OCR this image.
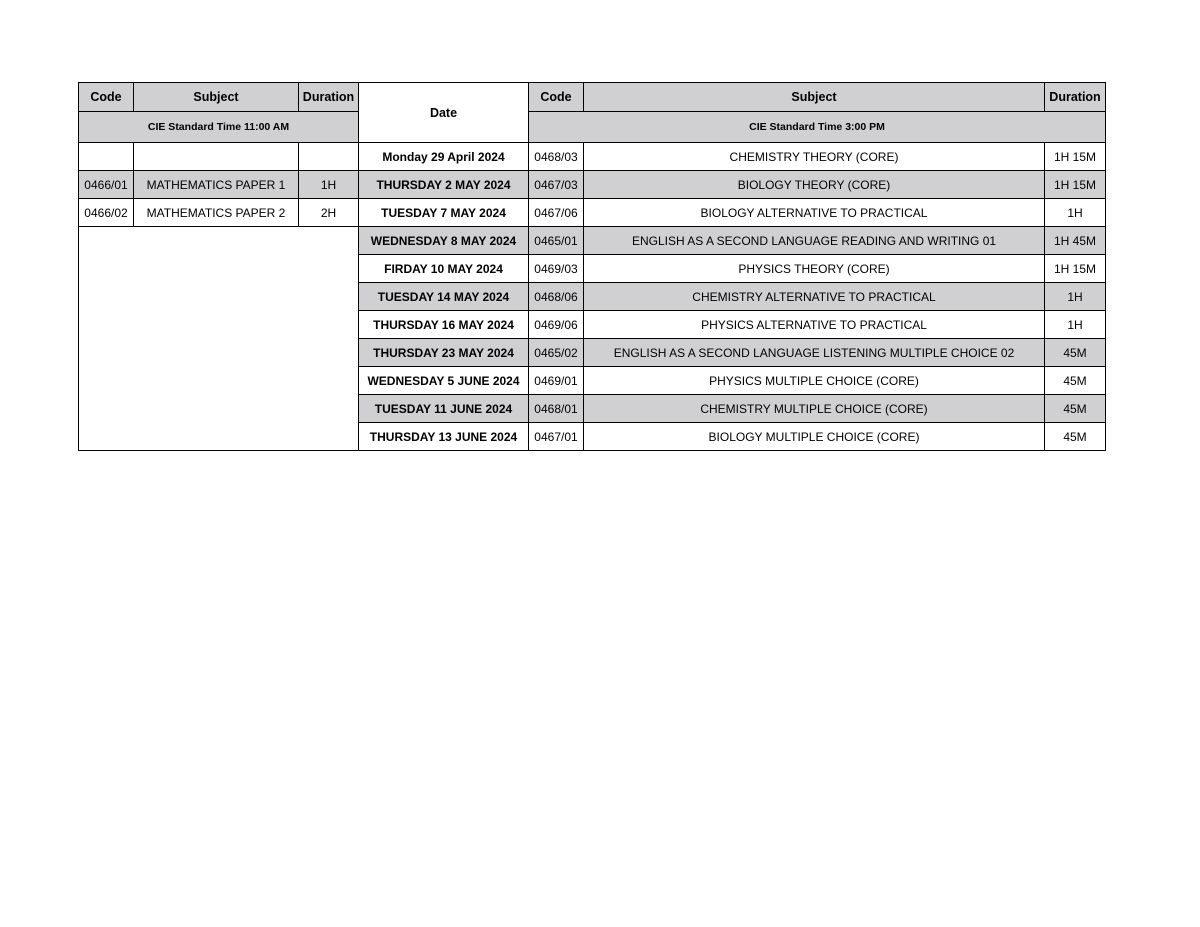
Code	Subject	Duration	Date	Code	Subject	Duration
CIE Standard Time 11:00 AM				CIE Standard Time 3:00 PM		
			Monday 29 April 2024	0468/03	CHEMISTRY THEORY (CORE)	1H 15M
0466/01	MATHEMATICS PAPER 1	1H	THURSDAY 2 MAY 2024	0467/03	BIOLOGY THEORY (CORE)	1H 15M
0466/02	MATHEMATICS PAPER 2	2H	TUESDAY 7 MAY 2024	0467/06	BIOLOGY ALTERNATIVE TO PRACTICAL	1H
			WEDNESDAY 8 MAY 2024	0465/01	ENGLISH AS A SECOND LANGUAGE READING AND WRITING 01	1H 45M
			FIRDAY 10 MAY 2024	0469/03	PHYSICS THEORY (CORE)	1H 15M
			TUESDAY 14 MAY 2024	0468/06	CHEMISTRY ALTERNATIVE TO PRACTICAL	1H
			THURSDAY 16 MAY 2024	0469/06	PHYSICS ALTERNATIVE TO PRACTICAL	1H
			THURSDAY 23 MAY 2024	0465/02	ENGLISH AS A SECOND LANGUAGE LISTENING MULTIPLE CHOICE 02	45M
			WEDNESDAY 5 JUNE 2024	0469/01	PHYSICS MULTIPLE CHOICE (CORE)	45M
			TUESDAY 11 JUNE 2024	0468/01	CHEMISTRY MULTIPLE CHOICE (CORE)	45M
			THURSDAY 13 JUNE 2024	0467/01	BIOLOGY MULTIPLE CHOICE (CORE)	45M
